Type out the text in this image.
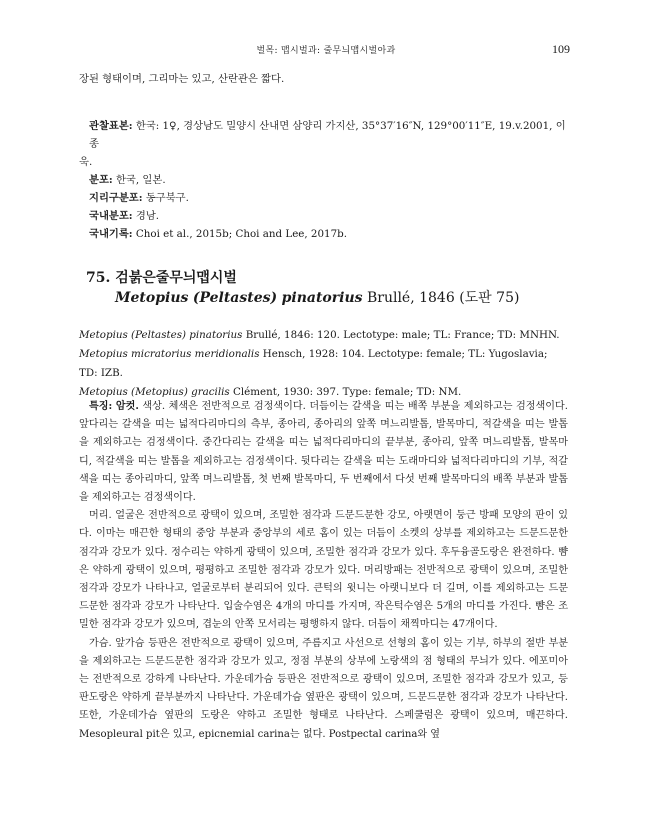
벌목: 맵시벌과: 줄무늬맵시벌아과	109
장된 형태이며, 그리마는 있고, 산란관은 짧다.
관찰표본: 한국: 1♀, 경상남도 밀양시 산내면 삼양리 가지산, 35°37′16″N, 129°00′11″E, 19.v.2001, 이종
욱.
분포: 한국, 일본.
지리구분포: 동구북구.
국내분포: 경남.
국내기록: Choi et al., 2015b; Choi and Lee, 2017b.
75. 검붉은줄무늬맵시벌
Metopius (Peltastes) pinatorius Brullé, 1846 (도판 75)
Metopius (Peltastes) pinatorius Brullé, 1846: 120. Lectotype: male; TL: France; TD: MNHN.
Metopius micratorius meridionalis Hensch, 1928: 104. Lectotype: female; TL: Yugoslavia; TD: IZB.
Metopius (Metopius) gracilis Clément, 1930: 397. Type: female; TD: NM.

특징: 암컷. 색상. 체색은 전반적으로 검정색이다. 더듬이는 갈색을 띠는 배쪽 부분을 제외하고는 검정색이다. 앞다리는 갈색을 띠는 넓적다리마디의 측부, 종아리, 종아리의 앞쪽 며느리발톱, 발목마디, 적갈색을 띠는 발톱을 제외하고는 검정색이다. 중간다리는 갈색을 띠는 넓적다리마디의 끝부분, 종아리, 앞쪽 며느리발톱, 발목마디, 적갈색을 띠는 발톱을 제외하고는 검정색이다. 뒷다리는 갈색을 띠는 도래마디와 넓적다리마디의 기부, 적갈색을 띠는 종아리마디, 앞쪽 며느리발톱, 첫 번째 발목마디, 두 번째에서 다섯 번째 발목마디의 배쪽 부분과 발톱을 제외하고는 검정색이다.

머리. 얼굴은 전반적으로 광택이 있으며, 조밀한 점각과 드문드문한 강모, 아랫면이 둥근 방패 모양의 판이 있다. 이마는 매끈한 형태의 중앙 부분과 중앙부의 세로 홈이 있는 더듬이 소켓의 상부를 제외하고는 드문드문한 점각과 강모가 있다. 정수리는 약하게 광택이 있으며, 조밀한 점각과 강모가 있다. 후두융골도랑은 완전하다. 뺨은 약하게 광택이 있으며, 평평하고 조밀한 점각과 강모가 있다. 머리방패는 전반적으로 광택이 있으며, 조밀한 점각과 강모가 나타나고, 얼굴로부터 분리되어 있다. 큰턱의 윗니는 아랫니보다 더 길며, 이를 제외하고는 드문드문한 점각과 강모가 나타난다. 입술수염은 4개의 마디를 가지며, 작은턱수염은 5개의 마디를 가진다. 뺨은 조밀한 점각과 강모가 있으며, 겹눈의 안쪽 모서리는 평행하지 않다. 더듬이 채찍마디는 47개이다.

가슴. 앞가슴 등판은 전반적으로 광택이 있으며, 주름지고 사선으로 선형의 홈이 있는 기부, 하부의 절반 부분을 제외하고는 드문드문한 점각과 강모가 있고, 정점 부분의 상부에 노랑색의 점 형태의 무늬가 있다. 에포미아는 전반적으로 강하게 나타난다. 가운데가슴 등판은 전반적으로 광택이 있으며, 조밀한 점각과 강모가 있고, 등판도랑은 약하게 끝부분까지 나타난다. 가운데가슴 옆판은 광택이 있으며, 드문드문한 점각과 강모가 나타난다. 또한, 가운데가슴 옆판의 도랑은 약하고 조밀한 형태로 나타난다. 스페쿨럼은 광택이 있으며, 매끈하다. Mesopleural pit은 있고, epicnemial carina는 없다. Postpectal carina와 옆
